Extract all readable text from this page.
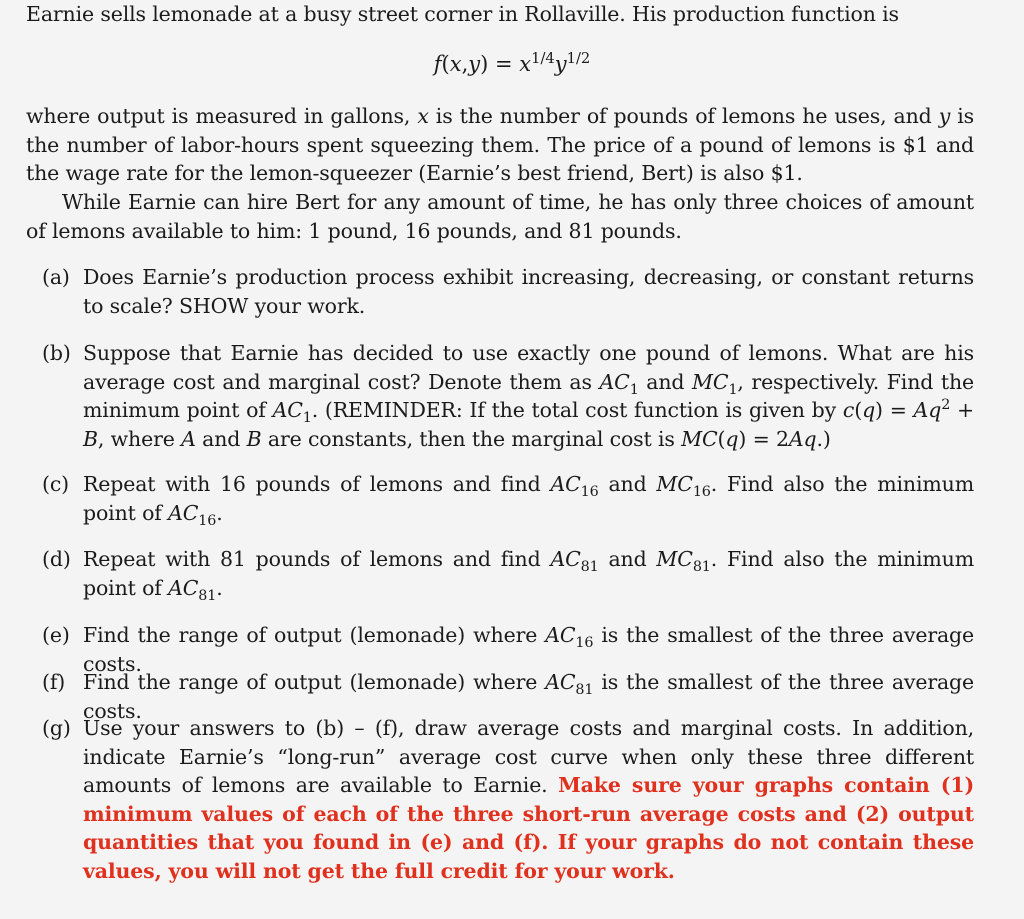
Earnie sells lemonade at a busy street corner in Rollaville. His production function is
$f(x,y) = x^{1/4}y^{1/2}$
where output is measured in gallons, x is the number of pounds of lemons he uses, and y is the number of labor-hours spent squeezing them. The price of a pound of lemons is $1 and the wage rate for the lemon-squeezer (Earnie’s best friend, Bert) is also $1.
While Earnie can hire Bert for any amount of time, he has only three choices of amount of lemons available to him: 1 pound, 16 pounds, and 81 pounds.
(a) Does Earnie’s production process exhibit increasing, decreasing, or constant returns to scale? SHOW your work.
(b) Suppose that Earnie has decided to use exactly one pound of lemons. What are his average cost and marginal cost? Denote them as $AC_1$ and $MC_1$, respectively. Find the minimum point of $AC_1$. (REMINDER: If the total cost function is given by $c(q) = Aq^2 + B$, where A and B are constants, then the marginal cost is MC(q) = 2Aq.)
(c) Repeat with 16 pounds of lemons and find $AC_{16}$ and $MC_{16}$. Find also the minimum point of $AC_{16}$.
(d) Repeat with 81 pounds of lemons and find $AC_{81}$ and $MC_{81}$. Find also the minimum point of $AC_{81}$.
(e) Find the range of output (lemonade) where $AC_{16}$ is the smallest of the three average costs.
(f) Find the range of output (lemonade) where $AC_{81}$ is the smallest of the three average costs.
(g) Use your answers to (b) – (f), draw average costs and marginal costs. In addition, indicate Earnie’s “long-run” average cost curve when only these three different amounts of lemons are available to Earnie. Make sure your graphs contain (1) minimum values of each of the three short-run average costs and (2) output quantities that you found in (e) and (f). If your graphs do not contain these values, you will not get the full credit for your work.
